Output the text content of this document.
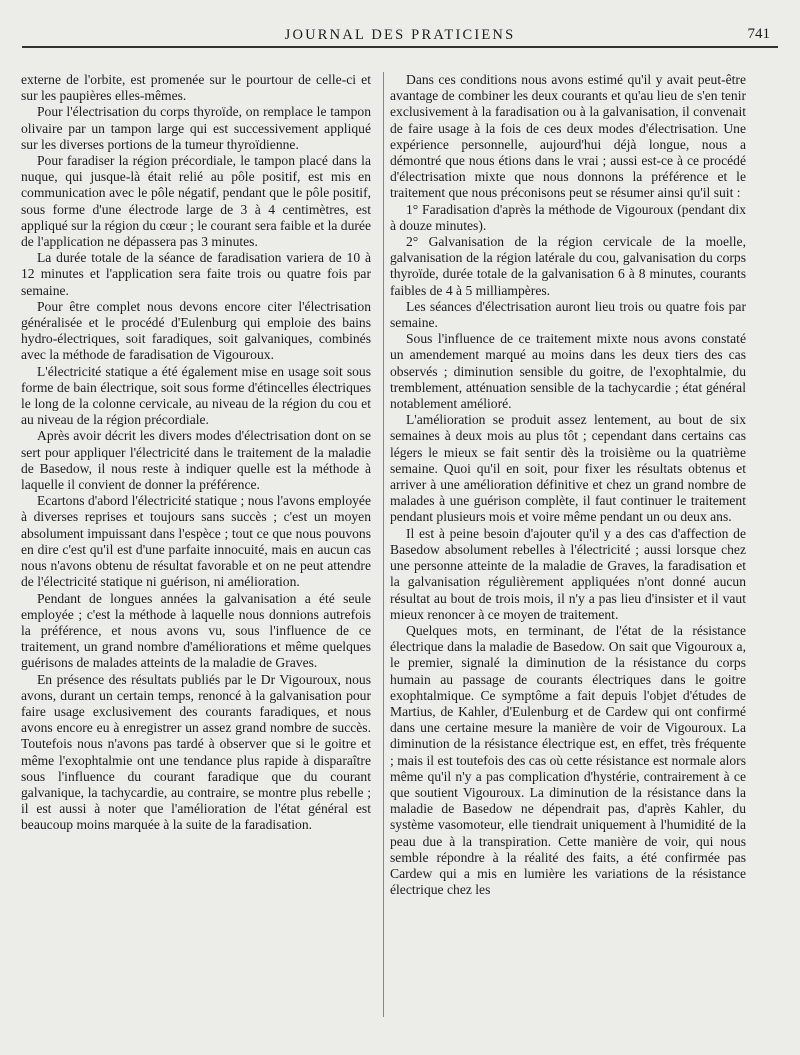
JOURNAL DES PRATICIENS	741

externe de l'orbite, est promenée sur le pourtour de celle-ci et sur les paupières elles-mêmes.

Pour l'électrisation du corps thyroïde, on remplace le tampon olivaire par un tampon large qui est successivement appliqué sur les diverses portions de la tumeur thyroïdienne.

Pour faradiser la région précordiale, le tampon placé dans la nuque, qui jusque-là était relié au pôle positif, est mis en communication avec le pôle négatif, pendant que le pôle positif, sous forme d'une électrode large de 3 à 4 centimètres, est appliqué sur la région du cœur ; le courant sera faible et la durée de l'application ne dépassera pas 3 minutes.

La durée totale de la séance de faradisation variera de 10 à 12 minutes et l'application sera faite trois ou quatre fois par semaine.

Pour être complet nous devons encore citer l'électrisation généralisée et le procédé d'Eulenburg qui emploie des bains hydro-électriques, soit faradiques, soit galvaniques, combinés avec la méthode de faradisation de Vigouroux.

L'électricité statique a été également mise en usage soit sous forme de bain électrique, soit sous forme d'étincelles électriques le long de la colonne cervicale, au niveau de la région du cou et au niveau de la région précordiale.

Après avoir décrit les divers modes d'électrisation dont on se sert pour appliquer l'électricité dans le traitement de la maladie de Basedow, il nous reste à indiquer quelle est la méthode à laquelle il convient de donner la préférence.

Ecartons d'abord l'électricité statique ; nous l'avons employée à diverses reprises et toujours sans succès ; c'est un moyen absolument impuissant dans l'espèce ; tout ce que nous pouvons en dire c'est qu'il est d'une parfaite innocuité, mais en aucun cas nous n'avons obtenu de résultat favorable et on ne peut attendre de l'électricité statique ni guérison, ni amélioration.

Pendant de longues années la galvanisation a été seule employée ; c'est la méthode à laquelle nous donnions autrefois la préférence, et nous avons vu, sous l'influence de ce traitement, un grand nombre d'améliorations et même quelques guérisons de malades atteints de la maladie de Graves.

En présence des résultats publiés par le Dr Vigouroux, nous avons, durant un certain temps, renoncé à la galvanisation pour faire usage exclusivement des courants faradiques, et nous avons encore eu à enregistrer un assez grand nombre de succès. Toutefois nous n'avons pas tardé à observer que si le goitre et même l'exophtalmie ont une tendance plus rapide à disparaître sous l'influence du courant faradique que du courant galvanique, la tachycardie, au contraire, se montre plus rebelle ; il est aussi à noter que l'amélioration de l'état général est beaucoup moins marquée à la suite de la faradisation.

Dans ces conditions nous avons estimé qu'il y avait peut-être avantage de combiner les deux courants et qu'au lieu de s'en tenir exclusivement à la faradisation ou à la galvanisation, il convenait de faire usage à la fois de ces deux modes d'électrisation. Une expérience personnelle, aujourd'hui déjà longue, nous a démontré que nous étions dans le vrai ; aussi est-ce à ce procédé d'électrisation mixte que nous donnons la préférence et le traitement que nous préconisons peut se résumer ainsi qu'il suit :

1° Faradisation d'après la méthode de Vigouroux (pendant dix à douze minutes).

2° Galvanisation de la région cervicale de la moelle, galvanisation de la région latérale du cou, galvanisation du corps thyroïde, durée totale de la galvanisation 6 à 8 minutes, courants faibles de 4 à 5 milliampères.

Les séances d'électrisation auront lieu trois ou quatre fois par semaine.

Sous l'influence de ce traitement mixte nous avons constaté un amendement marqué au moins dans les deux tiers des cas observés ; diminution sensible du goitre, de l'exophtalmie, du tremblement, atténuation sensible de la tachycardie ; état général notablement amélioré.

L'amélioration se produit assez lentement, au bout de six semaines à deux mois au plus tôt ; cependant dans certains cas légers le mieux se fait sentir dès la troisième ou la quatrième semaine. Quoi qu'il en soit, pour fixer les résultats obtenus et arriver à une amélioration définitive et chez un grand nombre de malades à une guérison complète, il faut continuer le traitement pendant plusieurs mois et voire même pendant un ou deux ans.

Il est à peine besoin d'ajouter qu'il y a des cas d'affection de Basedow absolument rebelles à l'électricité ; aussi lorsque chez une personne atteinte de la maladie de Graves, la faradisation et la galvanisation régulièrement appliquées n'ont donné aucun résultat au bout de trois mois, il n'y a pas lieu d'insister et il vaut mieux renoncer à ce moyen de traitement.

Quelques mots, en terminant, de l'état de la résistance électrique dans la maladie de Basedow. On sait que Vigouroux a, le premier, signalé la diminution de la résistance du corps humain au passage de courants électriques dans le goitre exophtalmique. Ce symptôme a fait depuis l'objet d'études de Martius, de Kahler, d'Eulenburg et de Cardew qui ont confirmé dans une certaine mesure la manière de voir de Vigouroux. La diminution de la résistance électrique est, en effet, très fréquente ; mais il est toutefois des cas où cette résistance est normale alors même qu'il n'y a pas complication d'hystérie, contrairement à ce que soutient Vigouroux. La diminution de la résistance dans la maladie de Basedow ne dépendrait pas, d'après Kahler, du système vasomoteur, elle tiendrait uniquement à l'humidité de la peau due à la transpiration. Cette manière de voir, qui nous semble répondre à la réalité des faits, a été confirmée pas Cardew qui a mis en lumière les variations de la résistance électrique chez les
